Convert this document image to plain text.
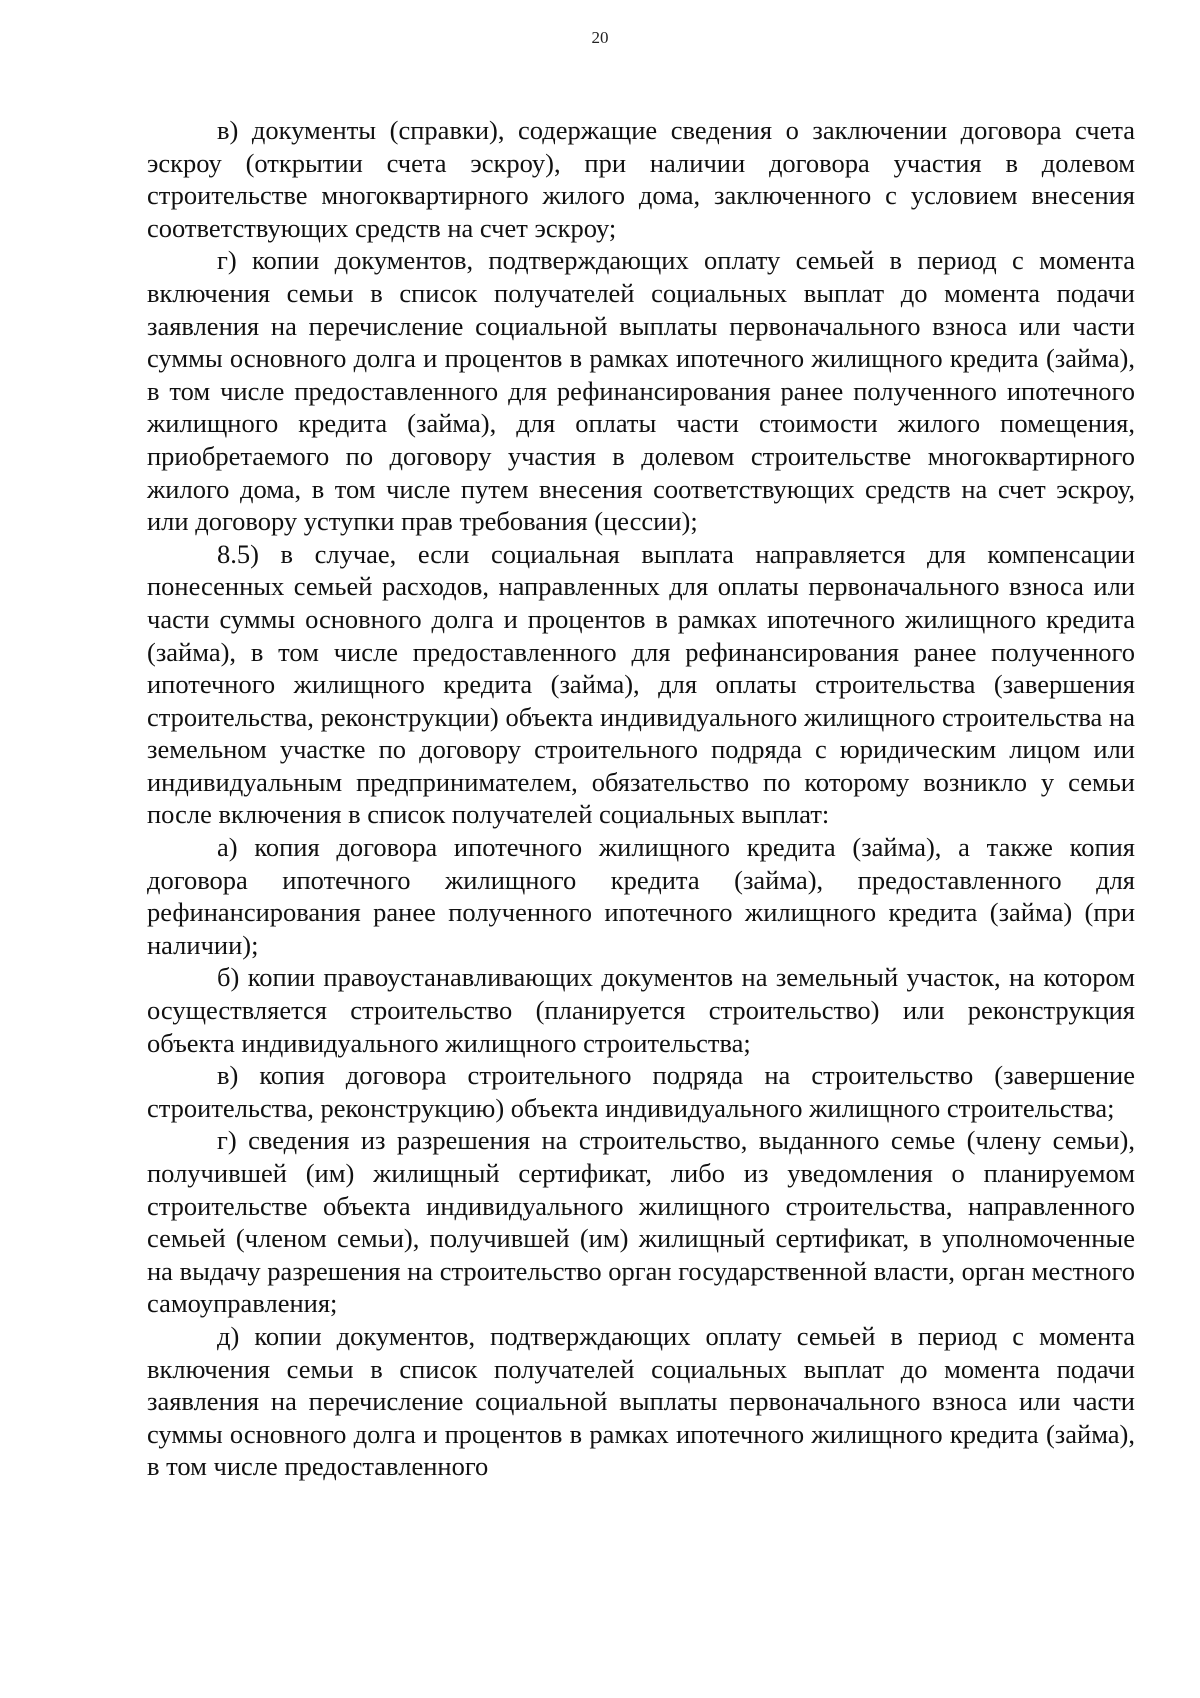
20

в) документы (справки), содержащие сведения о заключении договора счета эскроу (открытии счета эскроу), при наличии договора участия в долевом строительстве многоквартирного жилого дома, заключенного с условием внесения соответствующих средств на счет эскроу;

г) копии документов, подтверждающих оплату семьей в период с момента включения семьи в список получателей социальных выплат до момента подачи заявления на перечисление социальной выплаты первоначального взноса или части суммы основного долга и процентов в рамках ипотечного жилищного кредита (займа), в том числе предоставленного для рефинансирования ранее полученного ипотечного жилищного кредита (займа), для оплаты части стоимости жилого помещения, приобретаемого по договору участия в долевом строительстве многоквартирного жилого дома, в том числе путем внесения соответствующих средств на счет эскроу, или договору уступки прав требования (цессии);

8.5) в случае, если социальная выплата направляется для компенсации понесенных семьей расходов, направленных для оплаты первоначального взноса или части суммы основного долга и процентов в рамках ипотечного жилищного кредита (займа), в том числе предоставленного для рефинансирования ранее полученного ипотечного жилищного кредита (займа), для оплаты строительства (завершения строительства, реконструкции) объекта индивидуального жилищного строительства на земельном участке по договору строительного подряда с юридическим лицом или индивидуальным предпринимателем, обязательство по которому возникло у семьи после включения в список получателей социальных выплат:

а) копия договора ипотечного жилищного кредита (займа), а также копия договора ипотечного жилищного кредита (займа), предоставленного для рефинансирования ранее полученного ипотечного жилищного кредита (займа) (при наличии);

б) копии правоустанавливающих документов на земельный участок, на котором осуществляется строительство (планируется строительство) или реконструкция объекта индивидуального жилищного строительства;

в) копия договора строительного подряда на строительство (завершение строительства, реконструкцию) объекта индивидуального жилищного строительства;

г) сведения из разрешения на строительство, выданного семье (члену семьи), получившей (им) жилищный сертификат, либо из уведомления о планируемом строительстве объекта индивидуального жилищного строительства, направленного семьей (членом семьи), получившей (им) жилищный сертификат, в уполномоченные на выдачу разрешения на строительство орган государственной власти, орган местного самоуправления;

д) копии документов, подтверждающих оплату семьей в период с момента включения семьи в список получателей социальных выплат до момента подачи заявления на перечисление социальной выплаты первоначального взноса или части суммы основного долга и процентов в рамках ипотечного жилищного кредита (займа), в том числе предоставленного
